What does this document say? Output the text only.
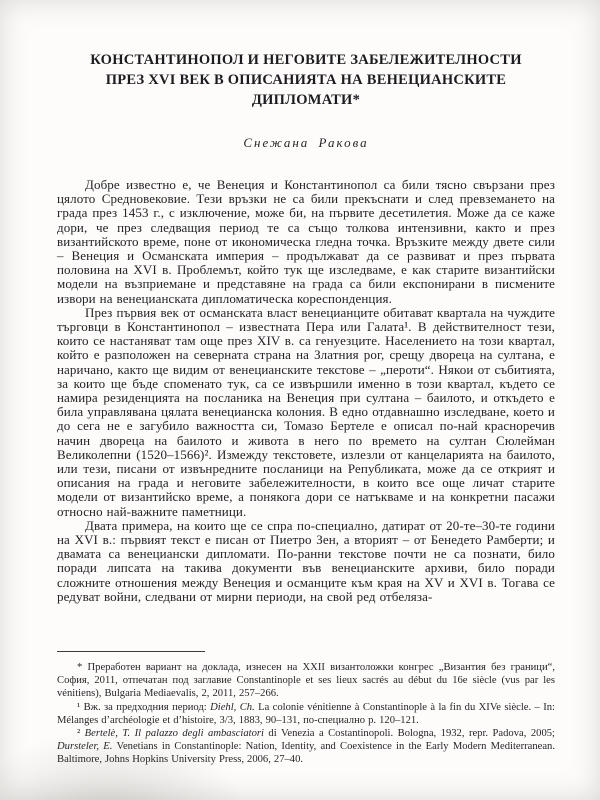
КОНСТАНТИНОПОЛ И НЕГОВИТЕ ЗАБЕЛЕЖИТЕЛНОСТИ
ПРЕЗ XVI ВЕК В ОПИСАНИЯТА НА ВЕНЕЦИАНСКИТЕ ДИПЛОМАТИ*
Снежана Ракова

Добре известно е, че Венеция и Константинопол са били тясно свързани през цялото Средновековие. Тези връзки не са били прекъснати и след превземането на града през 1453 г., с изключение, може би, на първите десетилетия. Може да се каже дори, че през следващия период те са също толкова интензивни, както и през византийското време, поне от икономическа гледна точка. Връзките между двете сили – Венеция и Османската империя – продължават да се развиват и през първата половина на XVI в. Проблемът, който тук ще изследваме, е как старите византийски модели на възприемане и представяне на града са били експонирани в писмените извори на венецианската дипломатическа кореспонденция.

През първия век от османската власт венецианците обитават квартала на чуждите търговци в Константинопол – известната Пера или Галата¹. В действителност тези, които се настаняват там още през XIV в. са генуезците. Населението на този квартал, който е разположен на северната страна на Златния рог, срещу двореца на султана, е наричано, както ще видим от венецианските текстове – „пероти“. Някои от събитията, за които ще бъде споменато тук, са се извършили именно в този квартал, където се намира резиденцията на посланика на Венеция при султана – баилото, и откъдето е била управлявана цялата венецианска колония. В едно отдавнашно изследване, което и до сега не е загубило важността си, Томазо Бертеле е описал по-най красноречив начин двореца на баилото и живота в него по времето на султан Сюлейман Великолепни (1520–1566)². Измежду текстовете, излезли от канцеларията на баилото, или тези, писани от извънредните посланици на Републиката, може да се открият и описания на града и неговите забележителности, в които все още личат старите модели от византийско време, а понякога дори се натъкваме и на конкретни пасажи относно най-важните паметници.

Двата примера, на които ще се спра по-специално, датират от 20-те–30-те години на XVI в.: първият текст е писан от Пиетро Зен, а вторият – от Бенедето Рамберти; и двамата са венециански дипломати. По-ранни текстове почти не са познати, било поради липсата на такива документи във венецианските архиви, било поради сложните отношения между Венеция и османците към края на XV и XVI в. Тогава се редуват войни, следвани от мирни периоди, на свой ред отбеляза-

* Преработен вариант на доклада, изнесен на XXII византоложки конгрес „Византия без граници“, София, 2011, отпечатан под заглавие Constantinople et ses lieux sacrés au début du 16e siècle (vus par les vénitiens), Bulgaria Mediaevalis, 2, 2011, 257–266.

¹ Вж. за предходния период: Diehl, Ch. La colonie vénitienne à Constantinople à la fin du XIVe siècle. – In: Mélanges d’archéologie et d’histoire, 3/3, 1883, 90–131, по-специално p. 120–121.

² Bertelè, T. Il palazzo degli ambasciatori di Venezia a Costantinopoli. Bologna, 1932, repr. Padova, 2005; Dursteler, E. Venetians in Constantinople: Nation, Identity, and Coexistence in the Early Modern Mediterranean. Baltimore, Johns Hopkins University Press, 2006, 27–40.
